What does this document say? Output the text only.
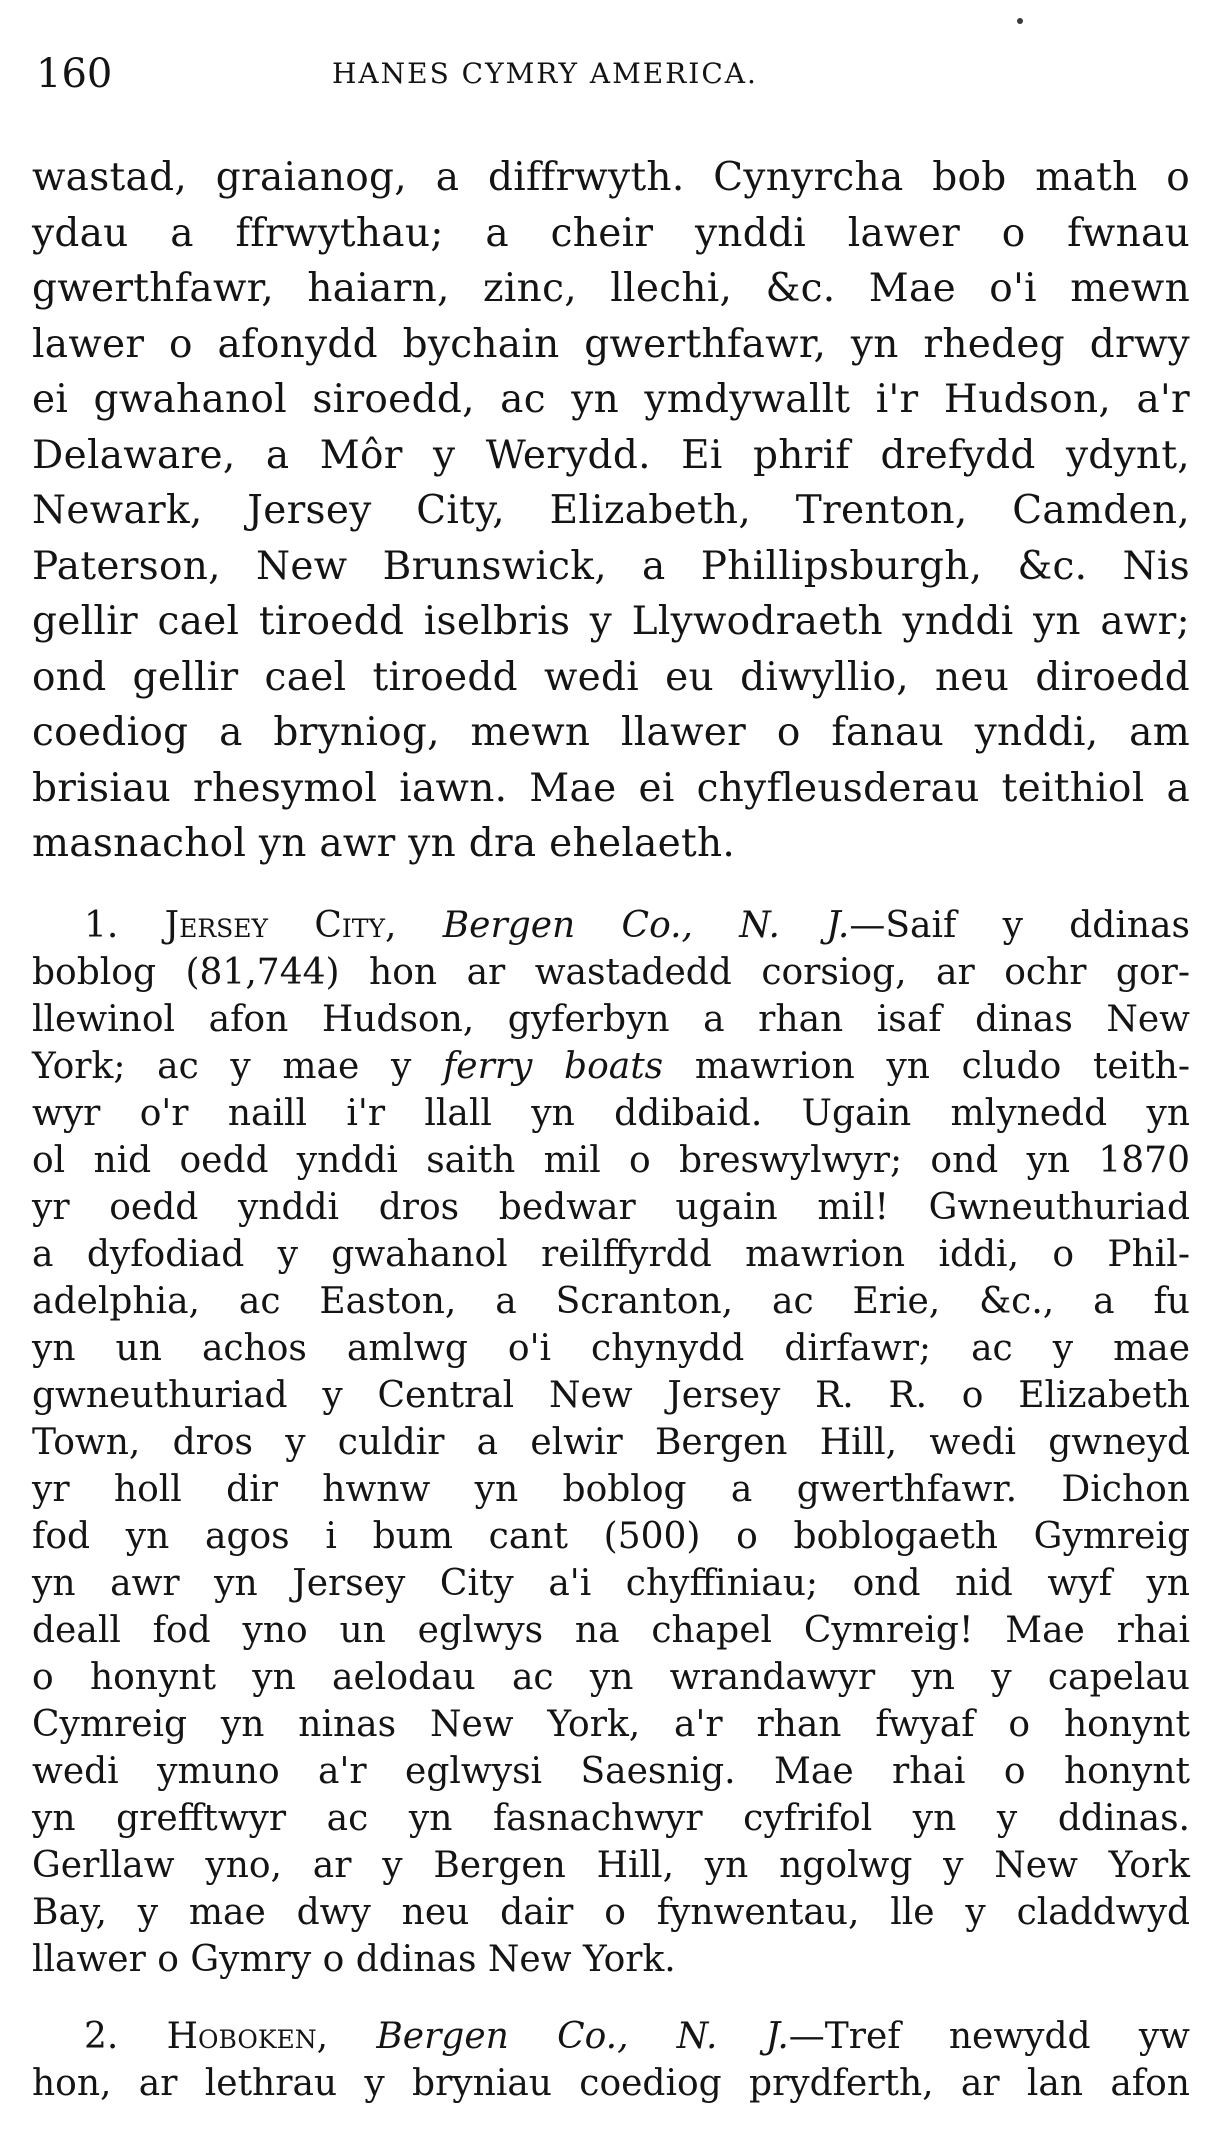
160	HANES CYMRY AMERICA.

wastad, graianog, a diffrwyth. Cynyrcha bob math o
ydau a ffrwythau; a cheir ynddi lawer o fwnau
gwerthfawr, haiarn, zinc, llechi, &c. Mae o'i mewn
lawer o afonydd bychain gwerthfawr, yn rhedeg drwy
ei gwahanol siroedd, ac yn ymdywallt i'r Hudson, a'r
Delaware, a Môr y Werydd. Ei phrif drefydd ydynt,
Newark, Jersey City, Elizabeth, Trenton, Camden,
Paterson, New Brunswick, a Phillipsburgh, &c. Nis
gellir cael tiroedd iselbris y Llywodraeth ynddi yn awr;
ond gellir cael tiroedd wedi eu diwyllio, neu diroedd
coediog a bryniog, mewn llawer o fanau ynddi, am
brisiau rhesymol iawn. Mae ei chyfleusderau teithiol a
masnachol yn awr yn dra ehelaeth.

1. Jersey City, Bergen Co., N. J.—Saif y ddinas
boblog (81,744) hon ar wastadedd corsiog, ar ochr gor-
llewinol afon Hudson, gyferbyn a rhan isaf dinas New
York; ac y mae y ferry boats mawrion yn cludo teith-
wyr o'r naill i'r llall yn ddibaid. Ugain mlynedd yn
ol nid oedd ynddi saith mil o breswylwyr; ond yn 1870
yr oedd ynddi dros bedwar ugain mil! Gwneuthuriad
a dyfodiad y gwahanol reilffyrdd mawrion iddi, o Phil-
adelphia, ac Easton, a Scranton, ac Erie, &c., a fu
yn un achos amlwg o'i chynydd dirfawr; ac y mae
gwneuthuriad y Central New Jersey R. R. o Elizabeth
Town, dros y culdir a elwir Bergen Hill, wedi gwneyd
yr holl dir hwnw yn boblog a gwerthfawr. Dichon
fod yn agos i bum cant (500) o boblogaeth Gymreig
yn awr yn Jersey City a'i chyffiniau; ond nid wyf yn
deall fod yno un eglwys na chapel Cymreig! Mae rhai
o honynt yn aelodau ac yn wrandawyr yn y capelau
Cymreig yn ninas New York, a'r rhan fwyaf o honynt
wedi ymuno a'r eglwysi Saesnig. Mae rhai o honynt
yn grefftwyr ac yn fasnachwyr cyfrifol yn y ddinas.
Gerllaw yno, ar y Bergen Hill, yn ngolwg y New York
Bay, y mae dwy neu dair o fynwentau, lle y claddwyd
llawer o Gymry o ddinas New York.

2. Hoboken, Bergen Co., N. J.—Tref newydd yw
hon, ar lethrau y bryniau coediog prydferth, ar lan afon
